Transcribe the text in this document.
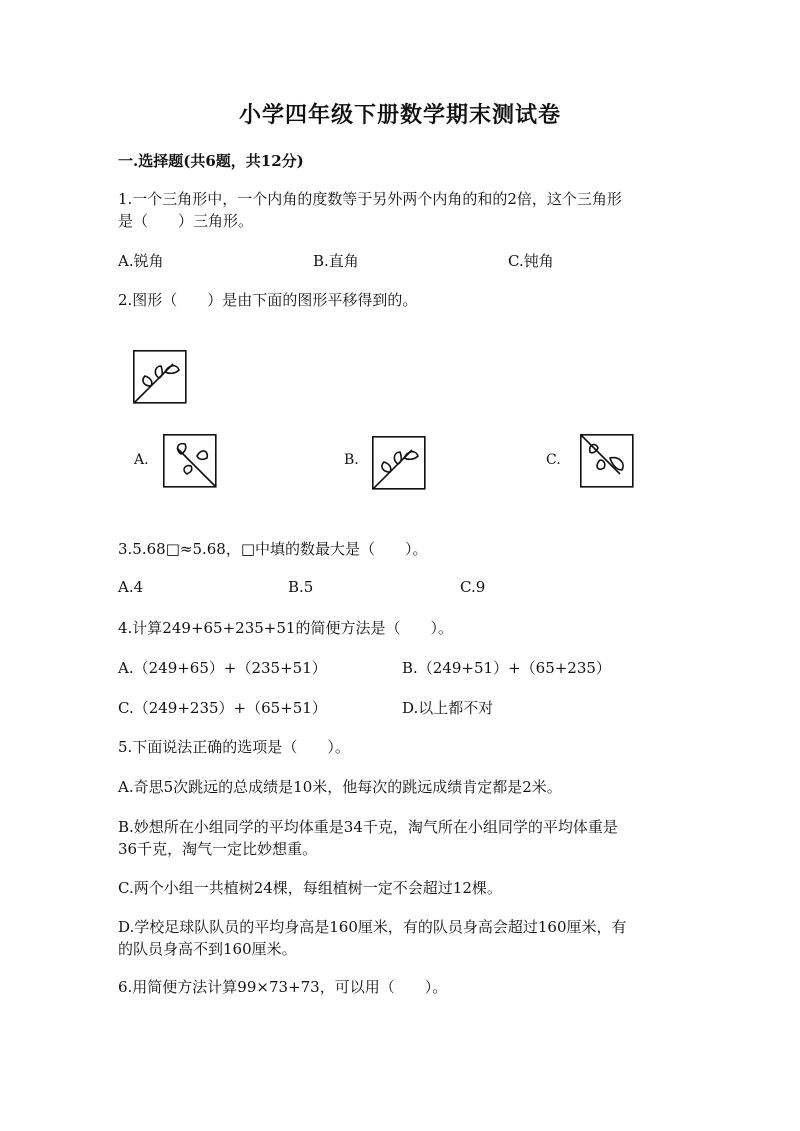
小学四年级下册数学期末测试卷
一.选择题(共6题，共12分)
1.一个三角形中，一个内角的度数等于另外两个内角的和的2倍，这个三角形
是（　　）三角形。
A.锐角	B.直角	C.钝角
2.图形（　　）是由下面的图形平移得到的。
A.	B.	C.
3.5.68□≈5.68，□中填的数最大是（　　）。
A.4	B.5	C.9
4.计算249+65+235+51的简便方法是（　　）。
A.（249+65）+（235+51）	B.（249+51）+（65+235）
C.（249+235）+（65+51）	D.以上都不对
5.下面说法正确的选项是（　　）。
A.奇思5次跳远的总成绩是10米，他每次的跳远成绩肯定都是2米。
B.妙想所在小组同学的平均体重是34千克，淘气所在小组同学的平均体重是
36千克，淘气一定比妙想重。
C.两个小组一共植树24棵，每组植树一定不会超过12棵。
D.学校足球队队员的平均身高是160厘米，有的队员身高会超过160厘米，有
的队员身高不到160厘米。
6.用简便方法计算99×73+73，可以用（　　）。
